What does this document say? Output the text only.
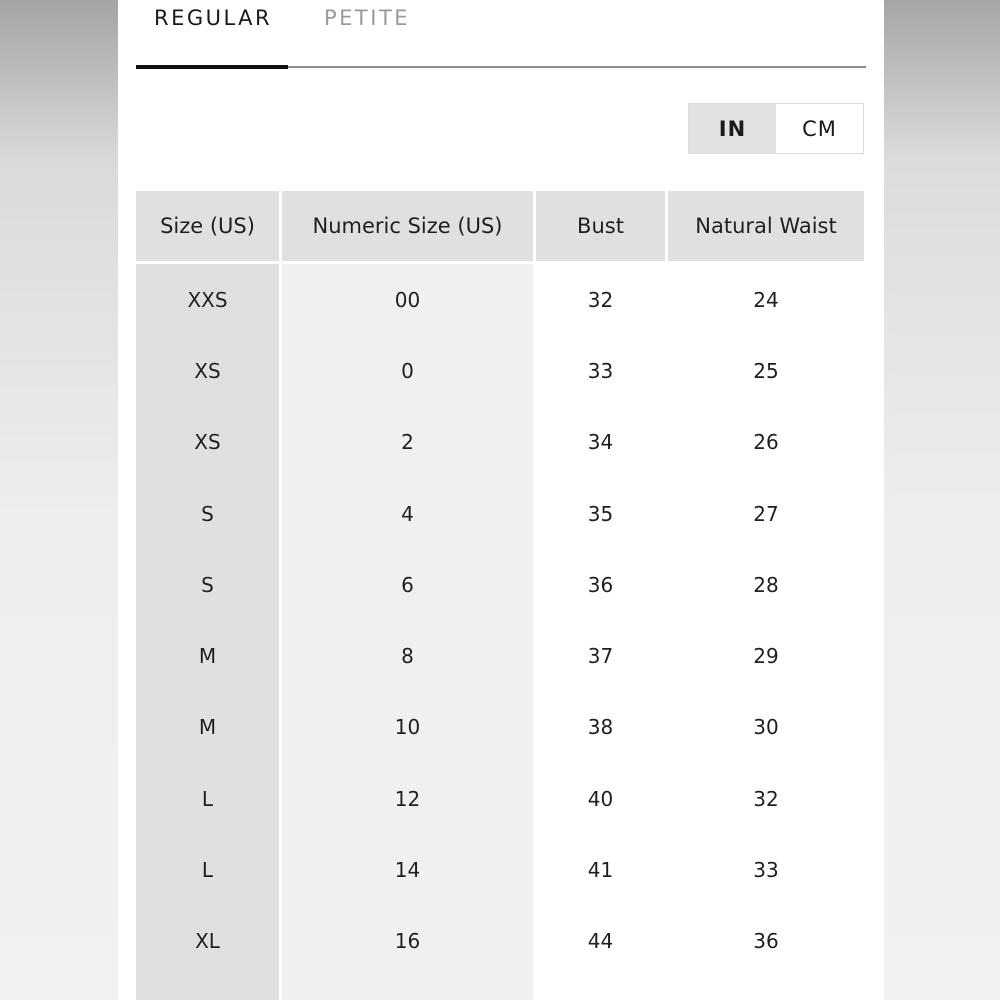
REGULAR PETITE
IN	CM
Size (US)	Numeric Size (US)	Bust	Natural Waist
XXS	00	32	24
XS	0	33	25
XS	2	34	26
S	4	35	27
S	6	36	28
M	8	37	29
M	10	38	30
L	12	40	32
L	14	41	33
XL	16	44	36
